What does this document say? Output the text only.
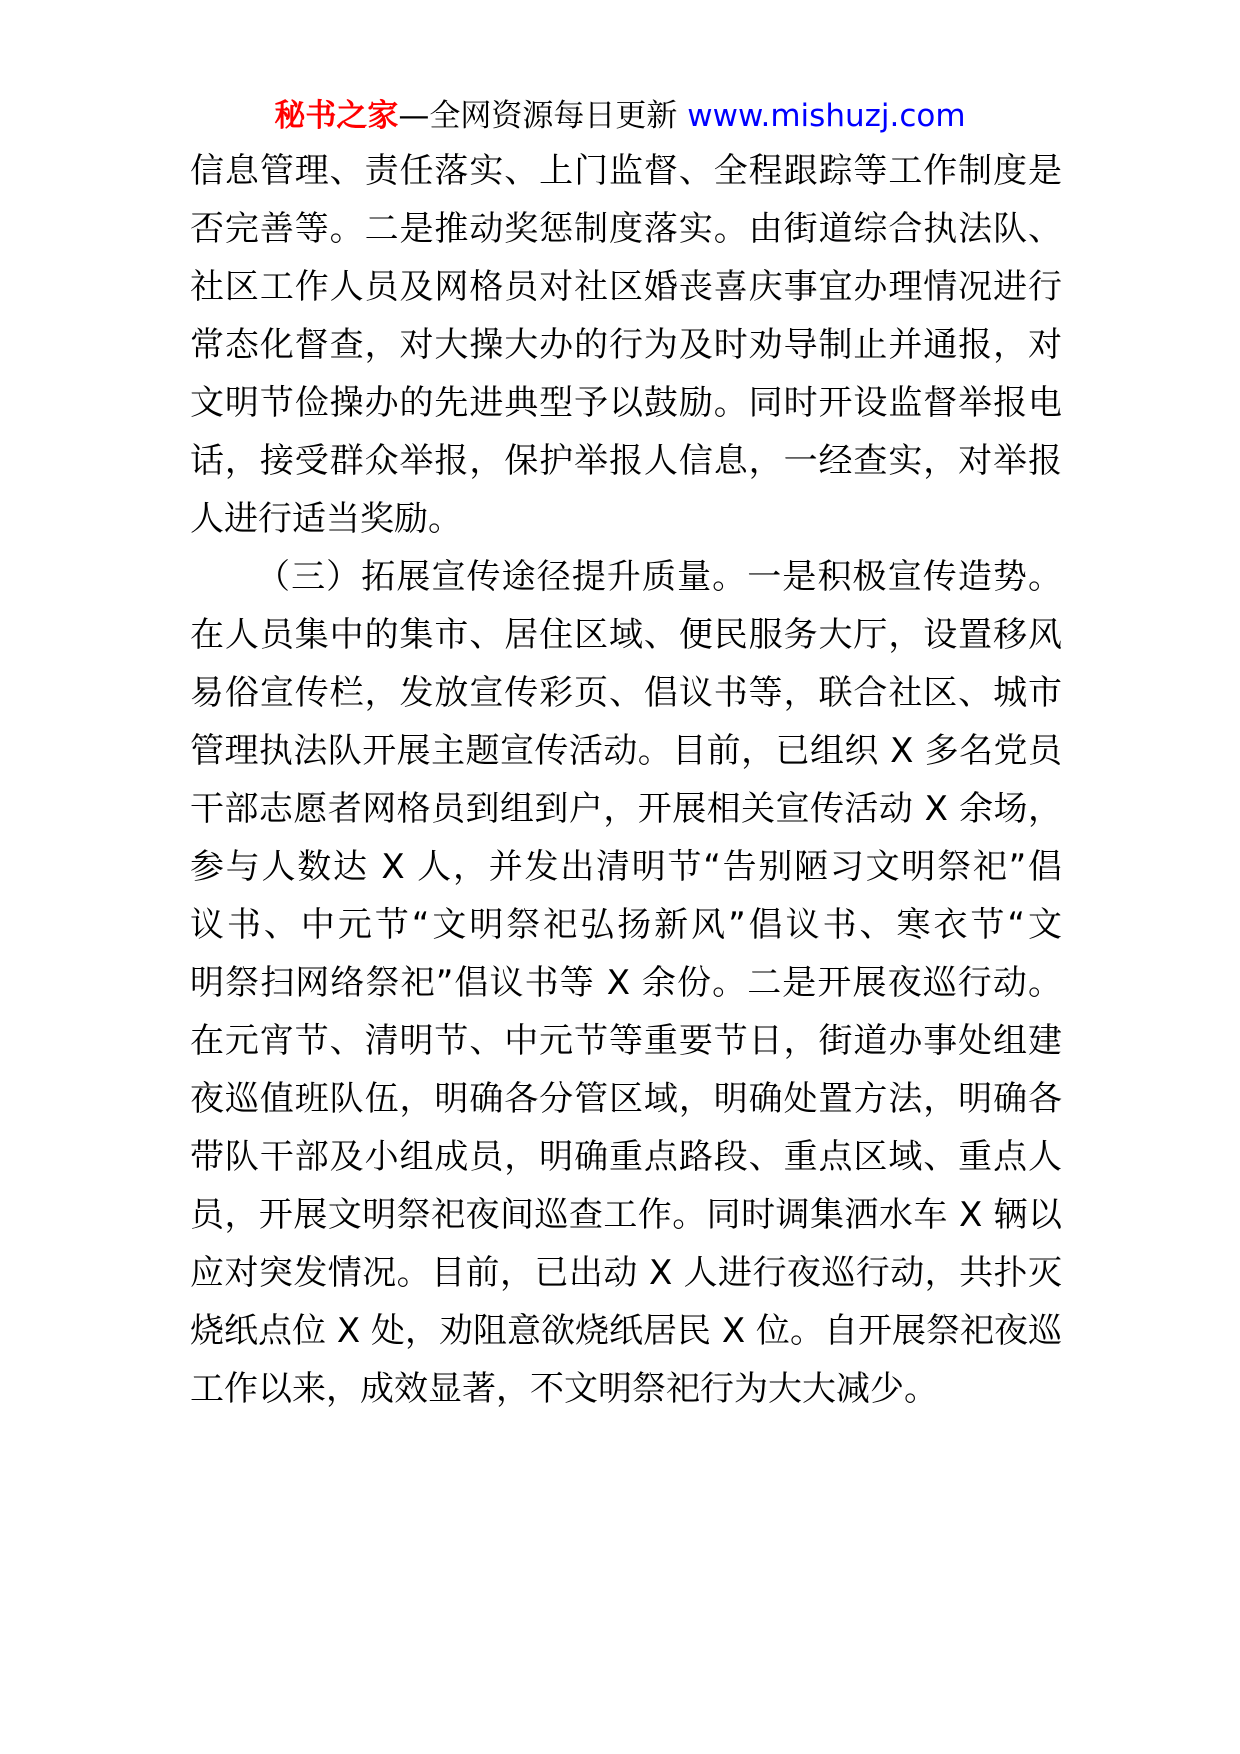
秘书之家—全网资源每日更新 www.mishuzj.com
信息管理、责任落实、上门监督、全程跟踪等工作制度是
否完善等。二是推动奖惩制度落实。由街道综合执法队、
社区工作人员及网格员对社区婚丧喜庆事宜办理情况进行
常态化督查，对大操大办的行为及时劝导制止并通报，对
文明节俭操办的先进典型予以鼓励。同时开设监督举报电
话，接受群众举报，保护举报人信息，一经查实，对举报
人进行适当奖励。
（三）拓展宣传途径提升质量。一是积极宣传造势。
在人员集中的集市、居住区域、便民服务大厅，设置移风
易俗宣传栏，发放宣传彩页、倡议书等，联合社区、城市
管理执法队开展主题宣传活动。目前，已组织 X 多名党员
干部志愿者网格员到组到户，开展相关宣传活动 X 余场，
参与人数达 X 人，并发出清明节“告别陋习文明祭祀”倡
议书、中元节“文明祭祀弘扬新风”倡议书、寒衣节“文
明祭扫网络祭祀”倡议书等 X 余份。二是开展夜巡行动。
在元宵节、清明节、中元节等重要节日，街道办事处组建
夜巡值班队伍，明确各分管区域，明确处置方法，明确各
带队干部及小组成员，明确重点路段、重点区域、重点人
员，开展文明祭祀夜间巡查工作。同时调集洒水车 X 辆以
应对突发情况。目前，已出动 X 人进行夜巡行动，共扑灭
烧纸点位 X 处，劝阻意欲烧纸居民 X 位。自开展祭祀夜巡
工作以来，成效显著，不文明祭祀行为大大减少。
